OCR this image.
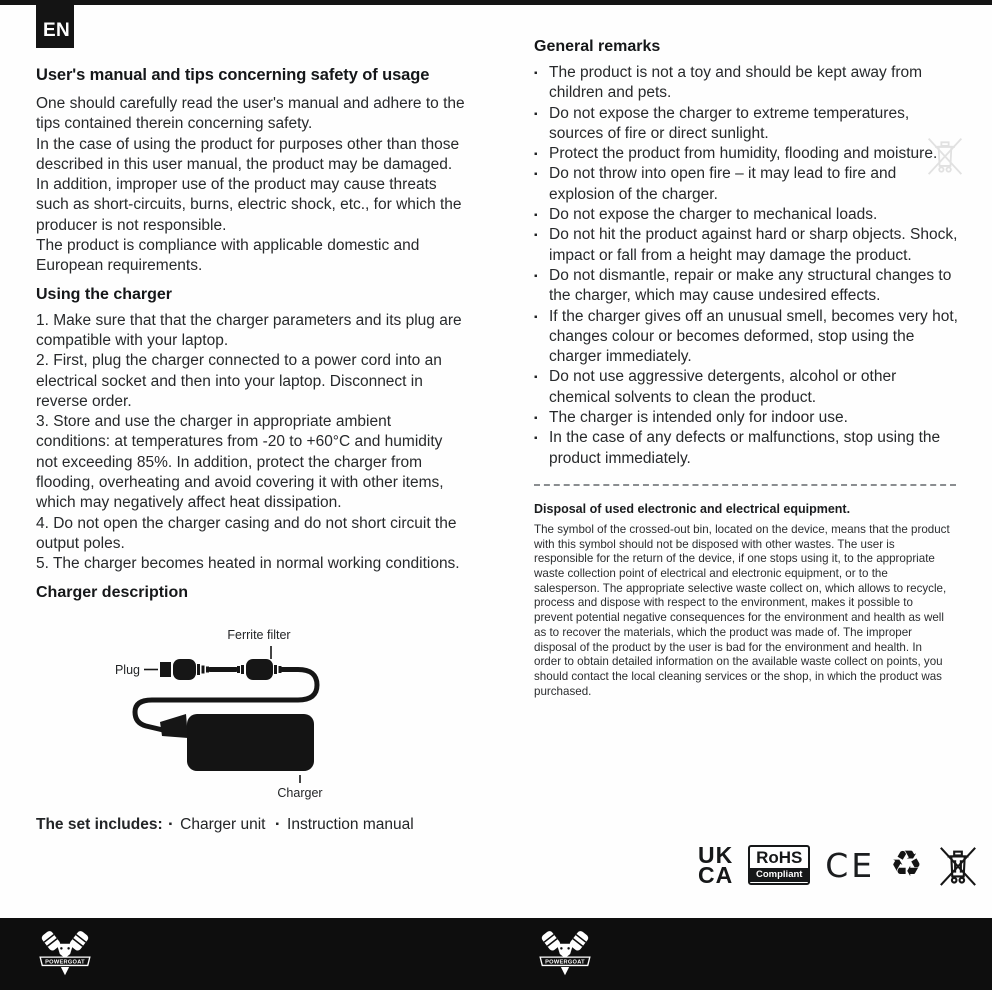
EN
User's manual and tips concerning safety of usage
One should carefully read the user's manual and adhere to the tips contained therein concerning safety.
In the case of using the product for purposes other than those described in this user manual, the product may be damaged. In addition, improper use of the product may cause threats such as short-circuits, burns, electric shock, etc., for which the producer is not responsible.
The product is compliance with applicable domestic and European requirements.
Using the charger
1. Make sure that that the charger parameters and its plug are compatible with your laptop.
2. First, plug the charger connected to a power cord into an electrical socket and then into your laptop. Disconnect in reverse order.
3. Store and use the charger in appropriate ambient conditions: at temperatures from -20 to +60°C and humidity not exceeding 85%. In addition, protect the charger from flooding, overheating and avoid covering it with other items, which may negatively affect heat dissipation.
4. Do not open the charger casing and do not short circuit the output poles.
5. The charger becomes heated in normal working conditions.
Charger description
Ferrite filter
Plug
Charger
The set includes: ▪ Charger unit ▪ Instruction manual
General remarks
▪ The product is not a toy and should be kept away from children and pets.
▪ Do not expose the charger to extreme temperatures, sources of fire or direct sunlight.
▪ Protect the product from humidity, flooding and moisture.
▪ Do not throw into open fire – it may lead to fire and explosion of the charger.
▪ Do not expose the charger to mechanical loads.
▪ Do not hit the product against hard or sharp objects. Shock, impact or fall from a height may damage the product.
▪ Do not dismantle, repair or make any structural changes to the charger, which may cause undesired effects.
▪ If the charger gives off an unusual smell, becomes very hot, changes colour or becomes deformed, stop using the charger immediately.
▪ Do not use aggressive detergents, alcohol or other chemical solvents to clean the product.
▪ The charger is intended only for indoor use.
▪ In the case of any defects or malfunctions, stop using the product immediately.
Disposal of used electronic and electrical equipment.
The symbol of the crossed-out bin, located on the device, means that the product with this symbol should not be disposed with other wastes. The user is responsible for the return of the device, if one stops using it, to the appropriate waste collection point of electrical and electronic equipment, or to the salesperson. The appropriate selective waste collect on, which allows to recycle, process and dispose with respect to the environment, makes it possible to prevent potential negative consequences for the environment and health as well as to recover the materials, which the product was made of. The improper disposal of the product by the user is bad for the environment and health. In order to obtain detailed information on the available waste collect on points, you should contact the local cleaning services or the shop, in which the product was purchased.
UK
CA
RoHS
Compliant CE ♻
POWERGOAT	POWERGOAT
